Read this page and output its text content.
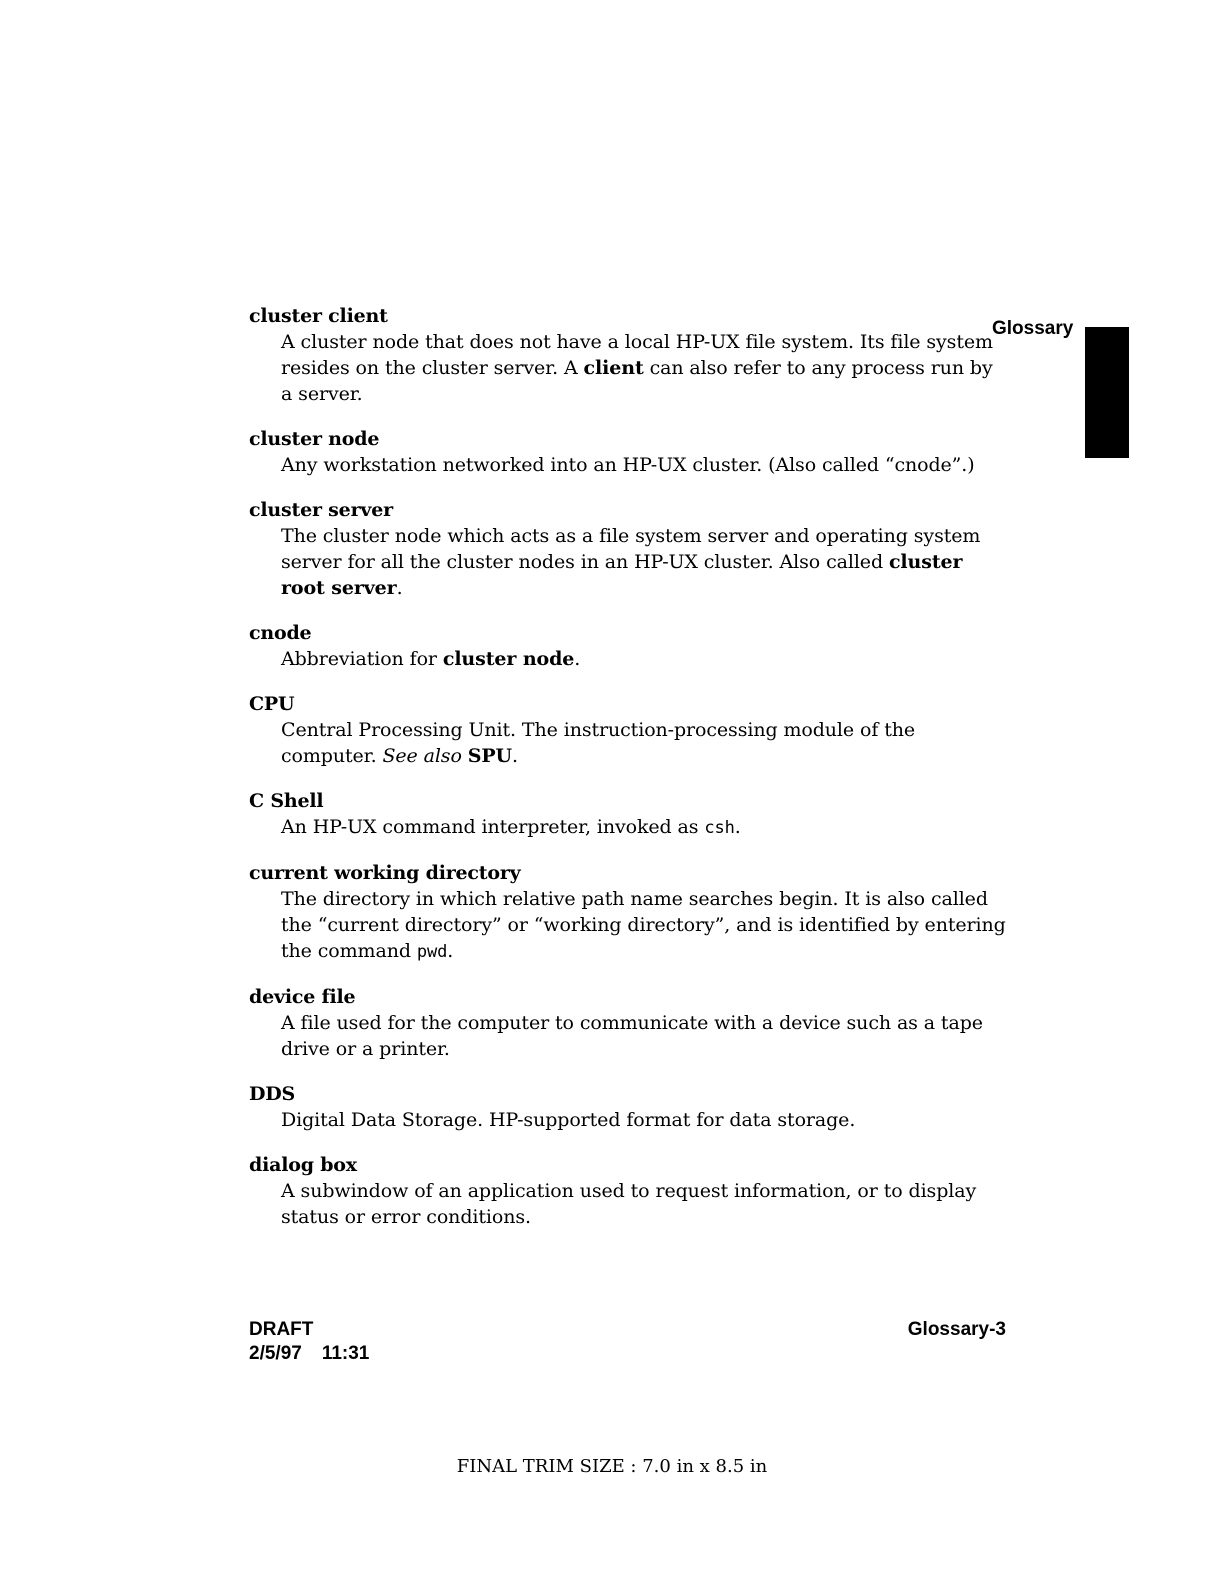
Glossary
cluster client
A cluster node that does not have a local HP-UX file system. Its file system resides on the cluster server. A client can also refer to any process run by a server.
cluster node
Any workstation networked into an HP-UX cluster. (Also called “cnode”.)
cluster server
The cluster node which acts as a file system server and operating system server for all the cluster nodes in an HP-UX cluster. Also called cluster root server.
cnode
Abbreviation for cluster node.
CPU
Central Processing Unit. The instruction-processing module of the computer. See also SPU.
C Shell
An HP-UX command interpreter, invoked as csh.
current working directory
The directory in which relative path name searches begin. It is also called the “current directory” or “working directory”, and is identified by entering the command pwd.
device file
A file used for the computer to communicate with a device such as a tape drive or a printer.
DDS
Digital Data Storage. HP-supported format for data storage.
dialog box
A subwindow of an application used to request information, or to display status or error conditions.
DRAFT
2/5/97 11:31
Glossary-3
FINAL TRIM SIZE : 7.0 in x 8.5 in
